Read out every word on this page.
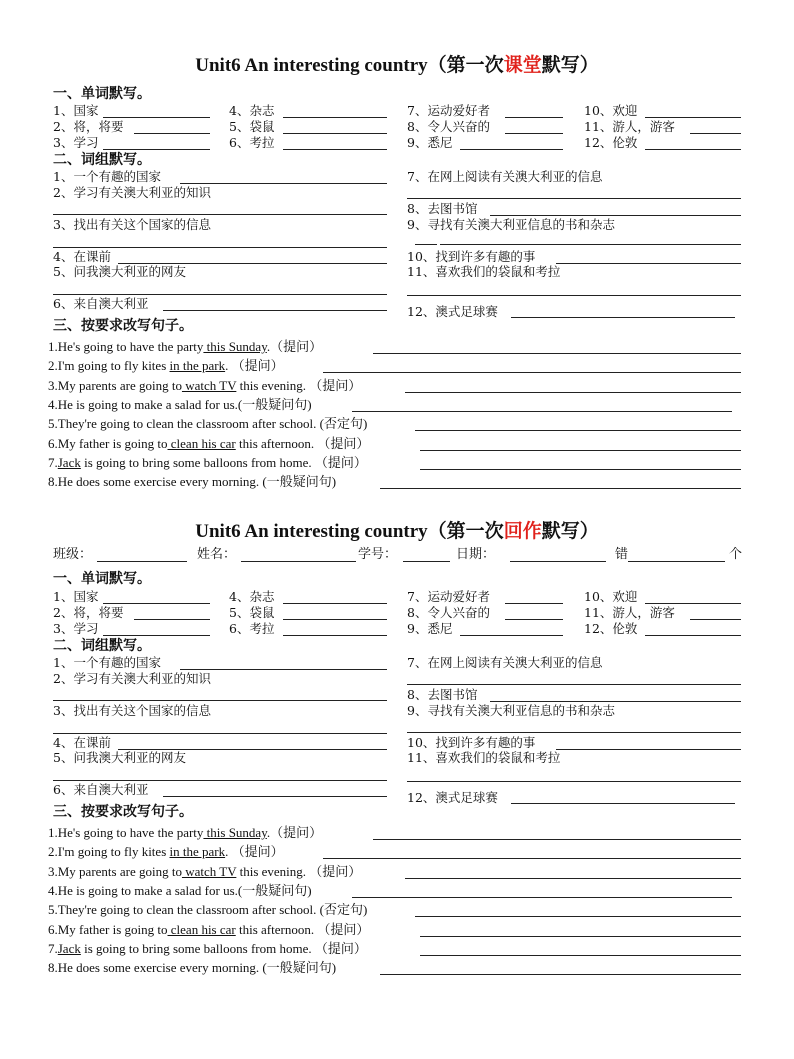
Unit6 An interesting country（第一次课堂默写）
一、单词默写。
1、国家
2、将，将要
3、学习
4、杂志
5、袋鼠
6、考拉
7、运动爱好者
8、令人兴奋的
9、悉尼
10、欢迎
11、游人，游客
12、伦敦
二、词组默写。
1、一个有趣的国家
2、学习有关澳大利亚的知识
3、找出有关这个国家的信息
4、在课前
5、问我澳大利亚的网友
6、来自澳大利亚
7、在网上阅读有关澳大利亚的信息
8、去图书馆
9、寻找有关澳大利亚信息的书和杂志
10、找到许多有趣的事
11、喜欢我们的袋鼠和考拉
12、澳式足球赛
三、按要求改写句子。
1.He's going to have the party this Sunday.（提问）
2.I'm going to fly kites in the park. （提问）
3.My parents are going to watch TV this evening. （提问）
4.He is going to make a salad for us.(一般疑问句)
5.They're going to clean the classroom after school. (否定句)
6.My father is going to clean his car this afternoon. （提问）
7.Jack is going to bring some balloons from home. （提问）
8.He does some exercise every morning. (一般疑问句)
Unit6 An interesting country（第一次回作默写）
班级：	姓名：	学号：	日期：	错	个
一、单词默写。
1、国家
2、将，将要
3、学习
4、杂志
5、袋鼠
6、考拉
7、运动爱好者
8、令人兴奋的
9、悉尼
10、欢迎
11、游人，游客
12、伦敦
二、词组默写。
1、一个有趣的国家
2、学习有关澳大利亚的知识
3、找出有关这个国家的信息
4、在课前
5、问我澳大利亚的网友
6、来自澳大利亚
7、在网上阅读有关澳大利亚的信息
8、去图书馆
9、寻找有关澳大利亚信息的书和杂志
10、找到许多有趣的事
11、喜欢我们的袋鼠和考拉
12、澳式足球赛
三、按要求改写句子。
1.He's going to have the party this Sunday.（提问）
2.I'm going to fly kites in the park. （提问）
3.My parents are going to watch TV this evening. （提问）
4.He is going to make a salad for us.(一般疑问句)
5.They're going to clean the classroom after school. (否定句)
6.My father is going to clean his car this afternoon. （提问）
7.Jack is going to bring some balloons from home. （提问）
8.He does some exercise every morning. (一般疑问句)
